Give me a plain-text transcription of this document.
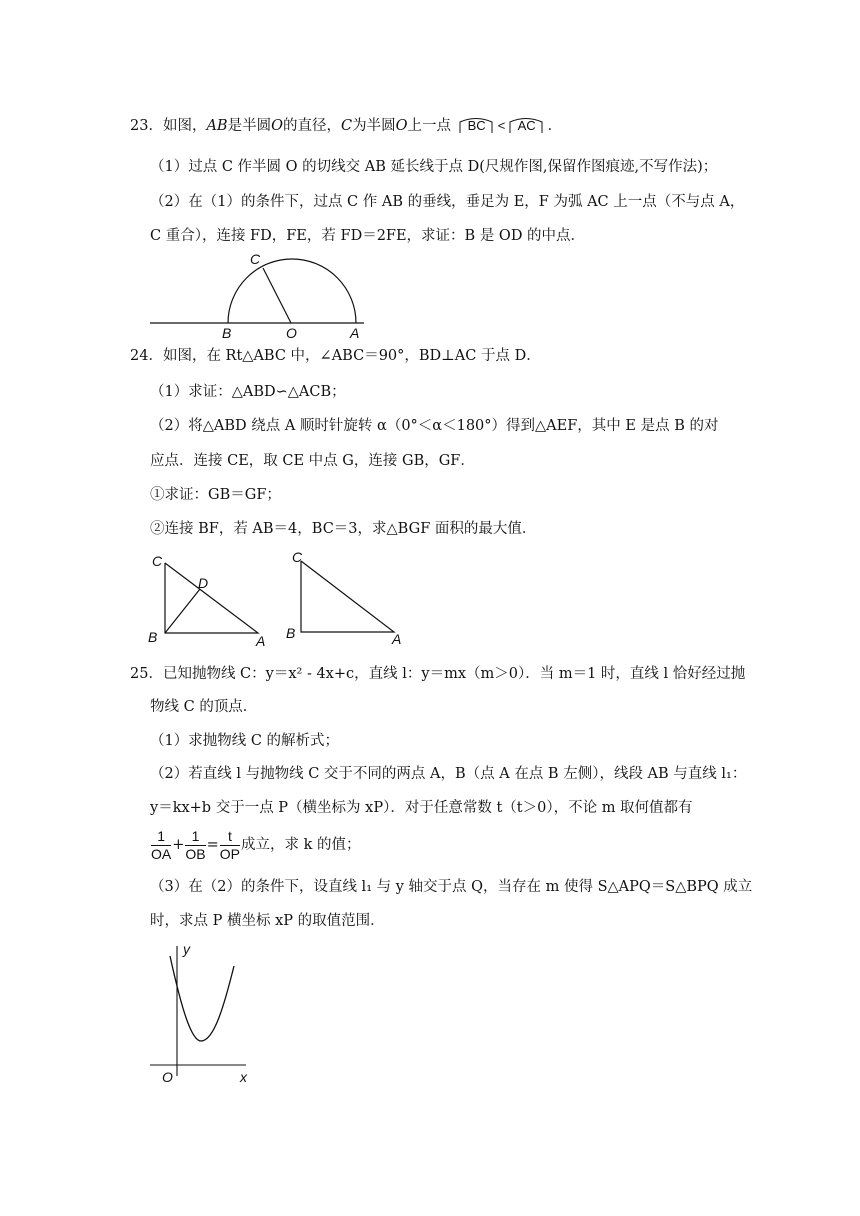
23．如图，AB是半圆O的直径，C为半圆O上一点 BC < AC ．
（1）过点 C 作半圆 O 的切线交 AB 延长线于点 D(尺规作图,保留作图痕迹,不写作法)；
（2）在（1）的条件下，过点 C 作 AB 的垂线，垂足为 E，F 为弧 AC 上一点（不与点 A，
C 重合），连接 FD，FE，若 FD＝2FE，求证：B 是 OD 的中点．
C
B	O	A
24．如图，在 Rt△ABC 中，∠ABC＝90°，BD⊥AC 于点 D．
（1）求证：△ABD∽△ACB；
（2）将△ABD 绕点 A 顺时针旋转 α（0°＜α＜180°）得到△AEF，其中 E 是点 B 的对
应点．连接 CE，取 CE 中点 G，连接 GB，GF．
①求证：GB＝GF；
②连接 BF，若 AB＝4，BC＝3，求△BGF 面积的最大值．
C
D
B	A
C
B	A
25．已知抛物线 C：y＝x² - 4x+c，直线 l：y＝mx（m＞0）．当 m＝1 时，直线 l 恰好经过抛
物线 C 的顶点．
（1）求抛物线 C 的解析式；
（2）若直线 l 与抛物线 C 交于不同的两点 A，B（点 A 在点 B 左侧），线段 AB 与直线 l₁：
y＝kx+b 交于一点 P（横坐标为 xP）．对于任意常数 t（t＞0），不论 m 取何值都有
$\frac{1}{OA} + \frac{1}{OB} = \frac{t}{OP}$ 成立，求 k 的值；
（3）在（2）的条件下，设直线 l₁ 与 y 轴交于点 Q，当存在 m 使得 S△APQ＝S△BPQ 成立
时，求点 P 横坐标 xP 的取值范围．
y
O	x
